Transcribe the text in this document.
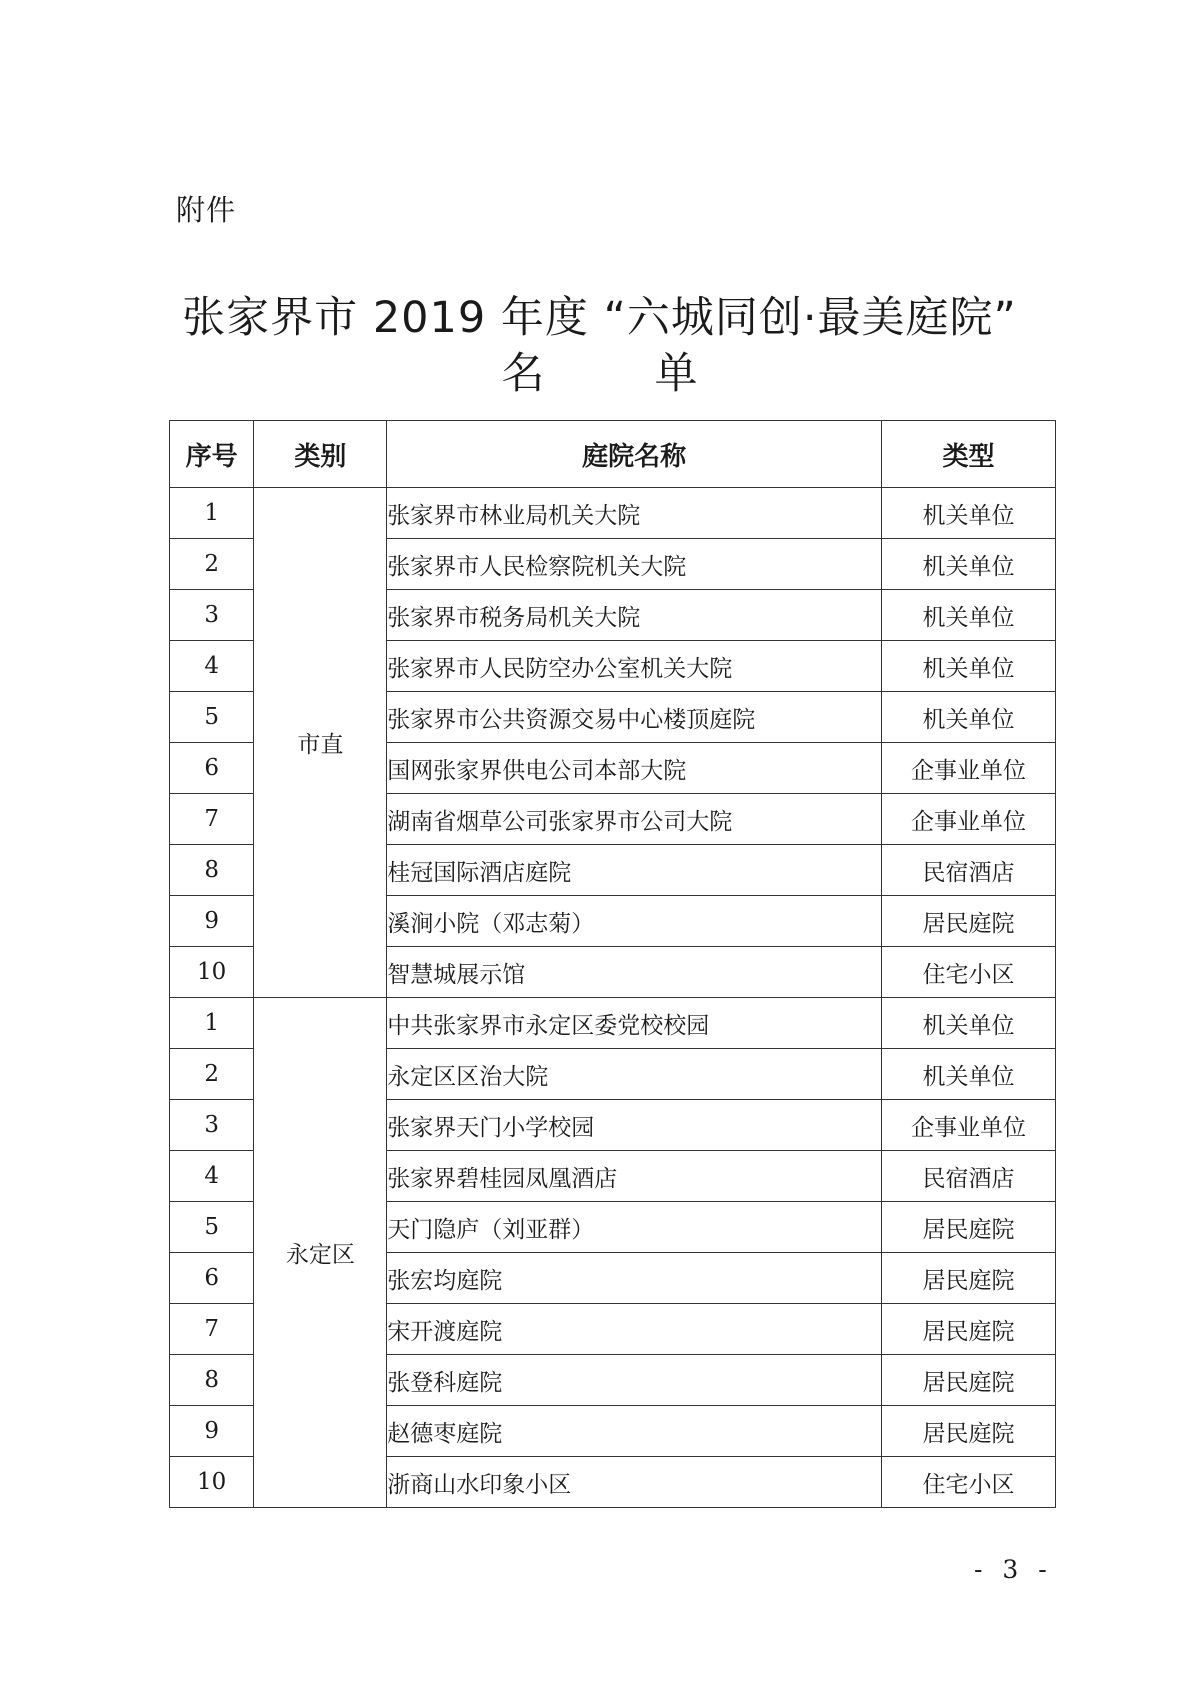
附件
张家界市 2019 年度 “六城同创·最美庭院”
名单
序号	类别	庭院名称	类型
1	市直	张家界市林业局机关大院	机关单位
2		张家界市人民检察院机关大院	机关单位
3		张家界市税务局机关大院	机关单位
4		张家界市人民防空办公室机关大院	机关单位
5		张家界市公共资源交易中心楼顶庭院	机关单位
6		国网张家界供电公司本部大院	企事业单位
7		湖南省烟草公司张家界市公司大院	企事业单位
8		桂冠国际酒店庭院	民宿酒店
9		溪涧小院（邓志菊）	居民庭院
10		智慧城展示馆	住宅小区
1	永定区	中共张家界市永定区委党校校园	机关单位
2		永定区区治大院	机关单位
3		张家界天门小学校园	企事业单位
4		张家界碧桂园凤凰酒店	民宿酒店
5		天门隐庐（刘亚群）	居民庭院
6		张宏均庭院	居民庭院
7		宋开渡庭院	居民庭院
8		张登科庭院	居民庭院
9		赵德枣庭院	居民庭院
10		浙商山水印象小区	住宅小区
- 3 -
